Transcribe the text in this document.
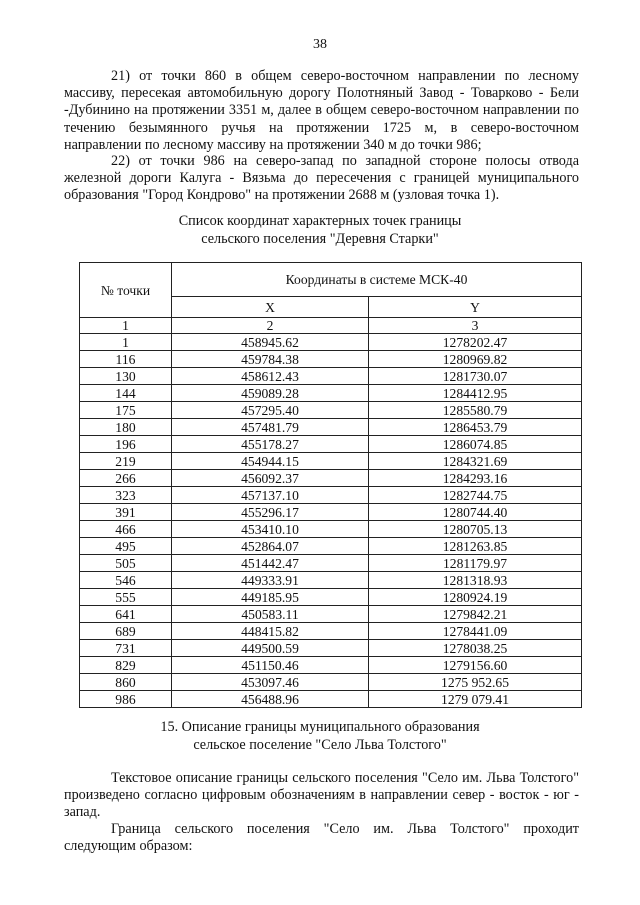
38

21) от точки 860 в общем северо-восточном направлении по лесному массиву, пересекая автомобильную дорогу Полотняный Завод - Товарково - Бели -Дубинино на протяжении 3351 м, далее в общем северо-восточном направлении по течению безымянного ручья на протяжении 1725 м, в северо-восточном направлении по лесному массиву на протяжении 340 м до точки 986;

22) от точки 986 на северо-запад по западной стороне полосы отвода железной дороги Калуга - Вязьма до пересечения с границей муниципального образования "Город Кондрово" на протяжении 2688 м (узловая точка 1).

Список координат характерных точек границы
сельского поселения "Деревня Старки"
№ точки	Координаты в системе МСК-40	
	X	Y
1	2	3
1	458945.62	1278202.47
116	459784.38	1280969.82
130	458612.43	1281730.07
144	459089.28	1284412.95
175	457295.40	1285580.79
180	457481.79	1286453.79
196	455178.27	1286074.85
219	454944.15	1284321.69
266	456092.37	1284293.16
323	457137.10	1282744.75
391	455296.17	1280744.40
466	453410.10	1280705.13
495	452864.07	1281263.85
505	451442.47	1281179.97
546	449333.91	1281318.93
555	449185.95	1280924.19
641	450583.11	1279842.21
689	448415.82	1278441.09
731	449500.59	1278038.25
829	451150.46	1279156.60
860	453097.46	1275 952.65
986	456488.96	1279 079.41
15. Описание границы муниципального образования
сельское поселение "Село Льва Толстого"

Текстовое описание границы сельского поселения "Село им. Льва Толстого" произведено согласно цифровым обозначениям в направлении север - восток - юг - запад.

Граница сельского поселения "Село им. Льва Толстого" проходит следующим образом:
